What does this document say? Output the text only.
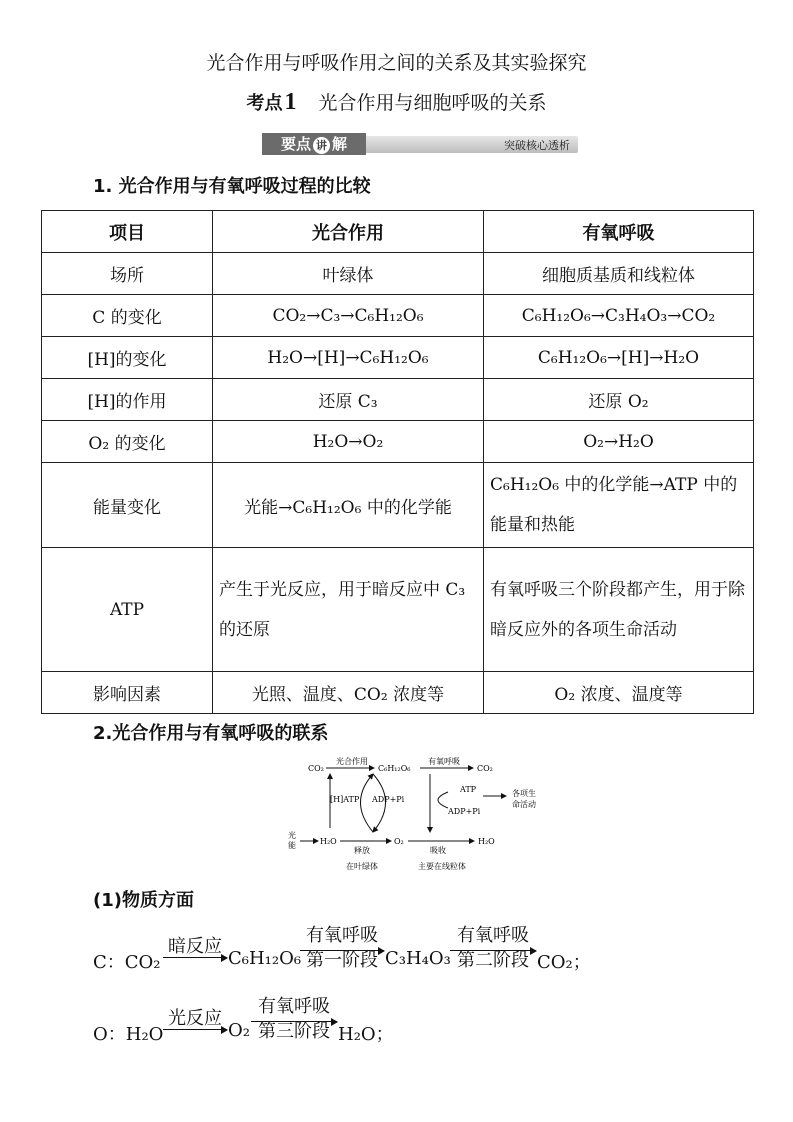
光合作用与呼吸作用之间的关系及其实验探究
考点1 光合作用与细胞呼吸的关系
要点 讲 解	突破核心透析
1. 光合作用与有氧呼吸过程的比较
项目	光合作用	有氧呼吸
场所	叶绿体	细胞质基质和线粒体
C 的变化	CO₂→C₃→C₆H₁₂O₆	C₆H₁₂O₆→C₃H₄O₃→CO₂
[H]的变化	H₂O→[H]→C₆H₁₂O₆	C₆H₁₂O₆→[H]→H₂O
[H]的作用	还原 C₃	还原 O₂
O₂ 的变化	H₂O→O₂	O₂→H₂O
能量变化	光能→C₆H₁₂O₆ 中的化学能	C₆H₁₂O₆ 中的化学能→ATP 中的能量和热能
ATP	产生于光反应，用于暗反应中 C₃ 的还原	有氧呼吸三个阶段都产生，用于除暗反应外的各项生命活动
影响因素	光照、温度、CO₂ 浓度等	O₂ 浓度、温度等
2.光合作用与有氧呼吸的联系
CO₂
光合作用
C₆H₁₂O₆
有氧呼吸
CO₂
[H]ATP ADP+Pi
ATP
ADP+Pi
各项生
命活动
光
能	H₂O	O₂	H₂O
释放	吸收
在叶绿体	主要在线粒体
(1)物质方面
C：CO₂
暗反应
C₆H₁₂O₆
有氧呼吸
第一阶段 C₃H₄O₃
有氧呼吸
第二阶段 CO₂；
O：H₂O
光反应
O₂
有氧呼吸
第三阶段 H₂O；
